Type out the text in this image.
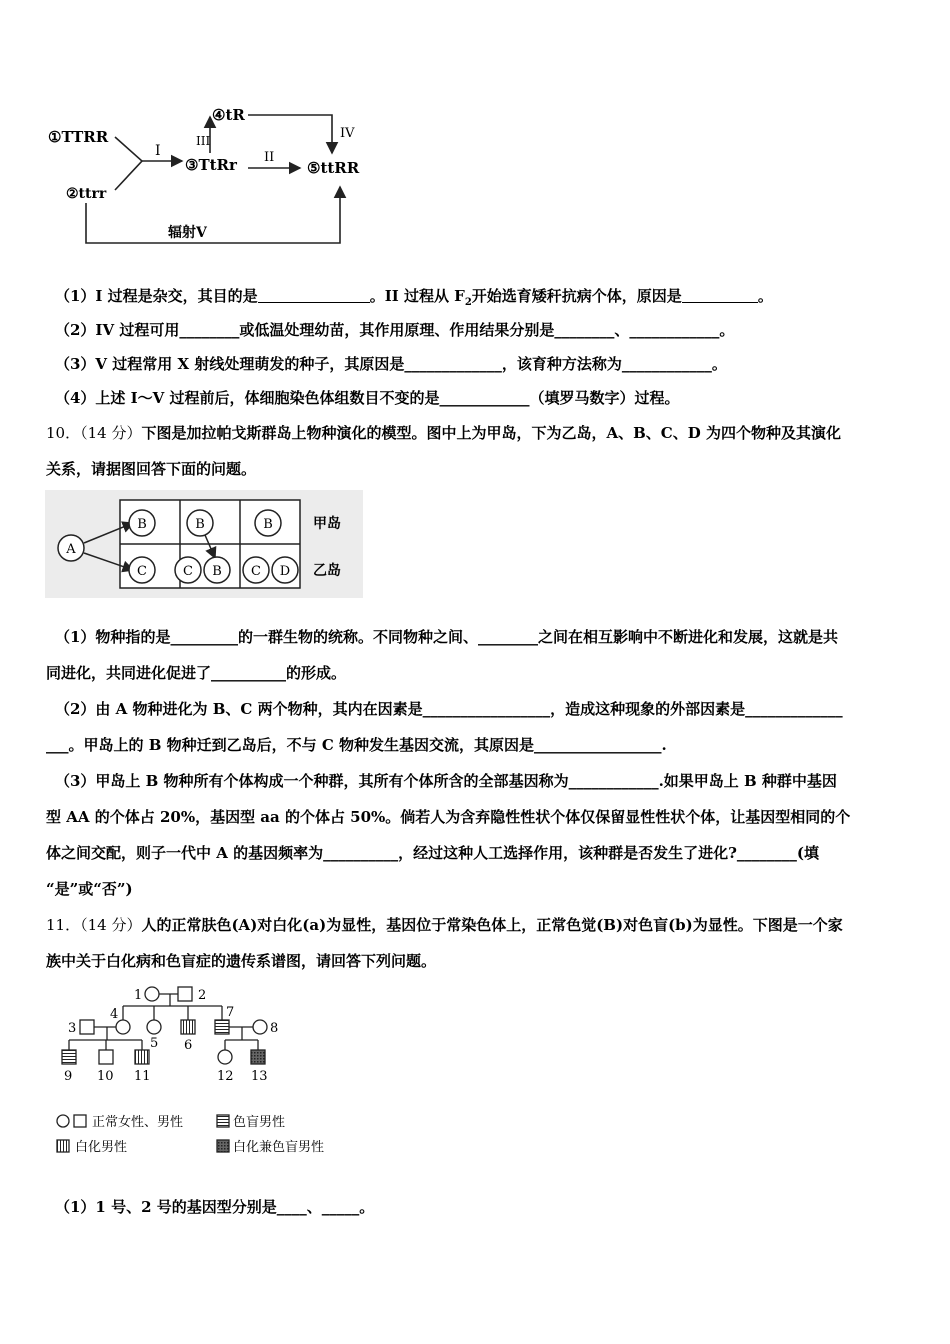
①TTRR
②ttrr
③TtRr
④tR
⑤ttRR
I
III
II
IV
辐射V
（1）I 过程是杂交，其目的是	。II 过程从 $F_2$开始选育矮秆抗病个体，原因是	。
（2）IV 过程可用________或低温处理幼苗，其作用原理、作用结果分别是________、____________。
（3）V 过程常用 X 射线处理萌发的种子，其原因是_____________，该育种方法称为____________。
（4）上述 I～V 过程前后，体细胞染色体组数目不变的是____________（填罗马数字）过程。
10．（14 分）下图是加拉帕戈斯群岛上物种演化的模型。图中上为甲岛，下为乙岛，A、B、C、D 为四个物种及其演化
关系，请据图回答下面的问题。
A
B	B	B
C	C B C D
甲岛
乙岛
（1）物种指的是_________的一群生物的统称。不同物种之间、________之间在相互影响中不断进化和发展，这就是共
同进化，共同进化促进了__________的形成。
（2）由 A 物种进化为 B、C 两个物种，其内在因素是_________________，造成这种现象的外部因素是_____________
___。甲岛上的 B 物种迁到乙岛后，不与 C 物种发生基因交流，其原因是_________________.
（3）甲岛上 B 物种所有个体构成一个种群，其所有个体所含的全部基因称为____________.如果甲岛上 B 种群中基因
型 AA 的个体占 20%，基因型 aa 的个体占 50%。倘若人为含弃隐性性状个体仅保留显性性状个体，让基因型相同的个
体之间交配，则子一代中 A 的基因频率为__________，经过这种人工选择作用，该种群是否发生了进化?________(填
“是”或“否”)
11．（14 分）人的正常肤色(A)对白化(a)为显性，基因位于常染色体上，正常色觉(B)对色盲(b)为显性。下图是一个家
族中关于白化病和色盲症的遗传系谱图，请回答下列问题。
1	2
3
4
5 6
7
8
9 10 11	12 13
正常女性、男性	色盲男性
白化男性	白化兼色盲男性
（1）1 号、2 号的基因型分别是____、_____。
